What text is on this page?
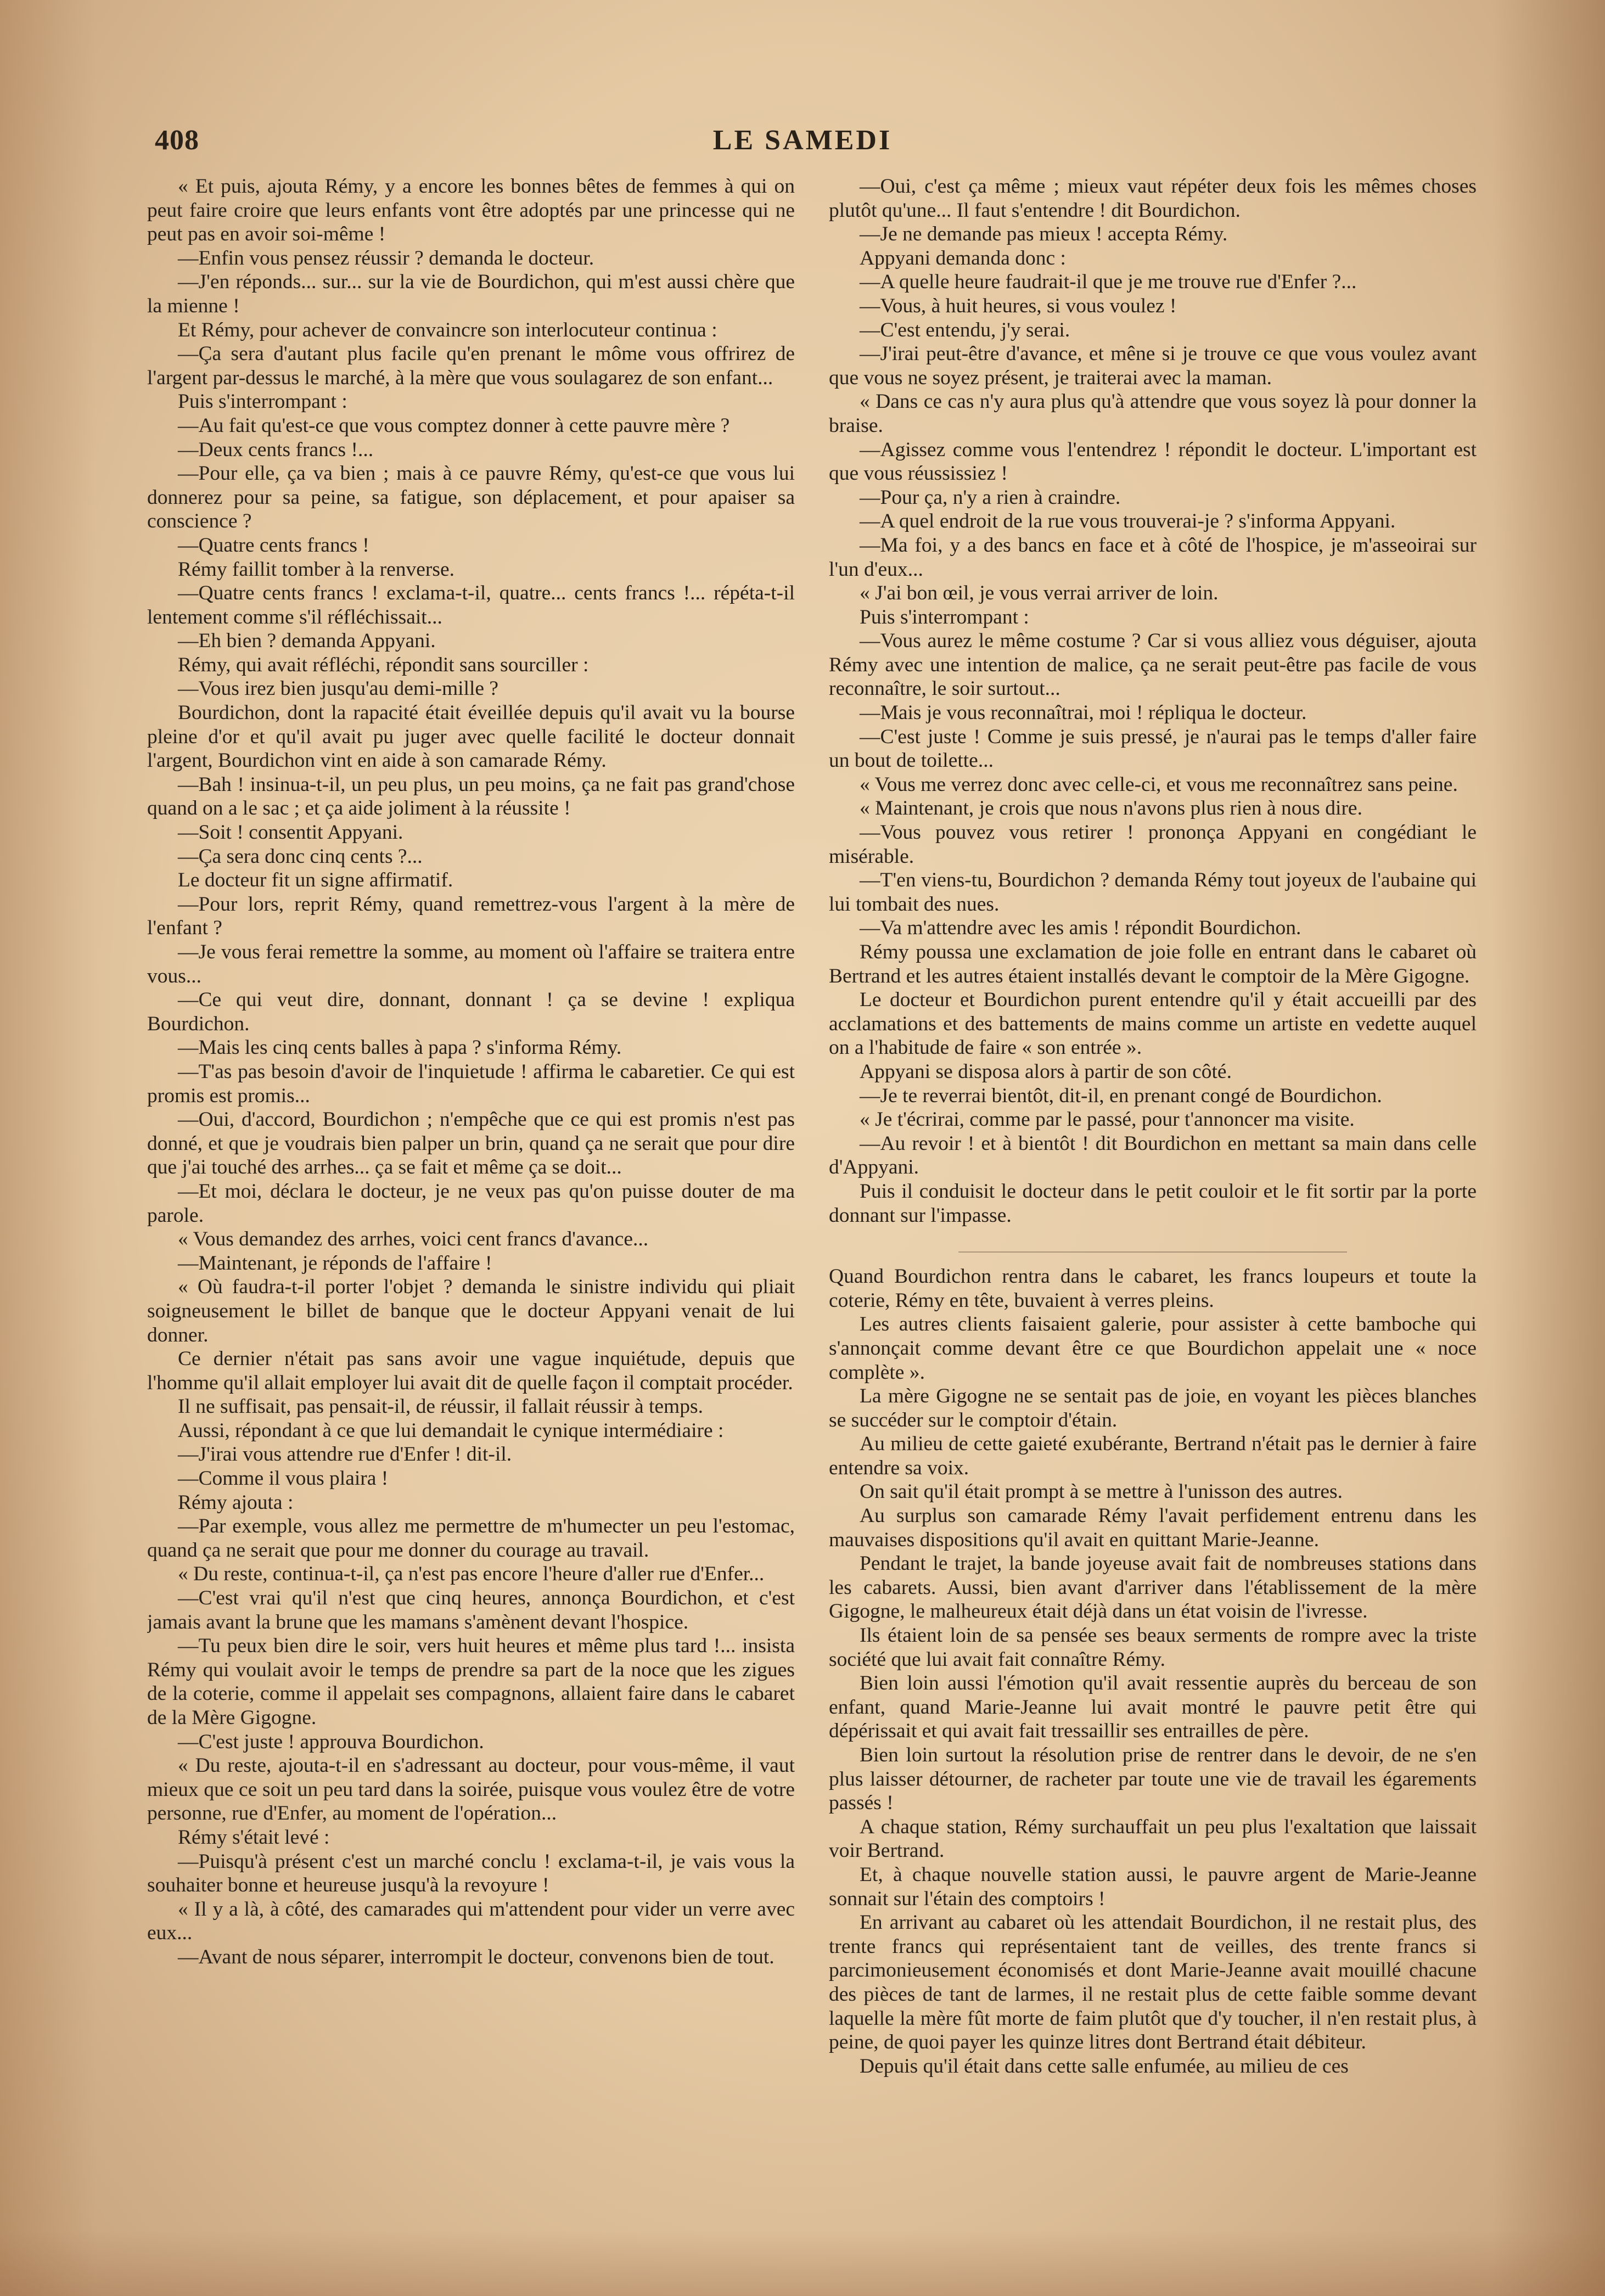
408	LE SAMEDI

« Et puis, ajouta Rémy, y a encore les bonnes bêtes de femmes à qui on peut faire croire que leurs enfants vont être adoptés par une princesse qui ne peut pas en avoir soi-même !

—Enfin vous pensez réussir ? demanda le docteur.

—J'en réponds... sur... sur la vie de Bourdichon, qui m'est aussi chère que la mienne !

Et Rémy, pour achever de convaincre son interlocuteur continua :

—Ça sera d'autant plus facile qu'en prenant le môme vous offrirez de l'argent par-dessus le marché, à la mère que vous soulagarez de son enfant...

Puis s'interrompant :

—Au fait qu'est-ce que vous comptez donner à cette pauvre mère ?

—Deux cents francs !...

—Pour elle, ça va bien ; mais à ce pauvre Rémy, qu'est-ce que vous lui donnerez pour sa peine, sa fatigue, son déplacement, et pour apaiser sa conscience ?

—Quatre cents francs !

Rémy faillit tomber à la renverse.

—Quatre cents francs ! exclama-t-il, quatre... cents francs !... répéta-t-il lentement comme s'il réfléchissait...

—Eh bien ? demanda Appyani.

Rémy, qui avait réfléchi, répondit sans sourciller :

—Vous irez bien jusqu'au demi-mille ?

Bourdichon, dont la rapacité était éveillée depuis qu'il avait vu la bourse pleine d'or et qu'il avait pu juger avec quelle facilité le docteur donnait l'argent, Bourdichon vint en aide à son camarade Rémy.

—Bah ! insinua-t-il, un peu plus, un peu moins, ça ne fait pas grand'chose quand on a le sac ; et ça aide joliment à la réussite !

—Soit ! consentit Appyani.

—Ça sera donc cinq cents ?...

Le docteur fit un signe affirmatif.

—Pour lors, reprit Rémy, quand remettrez-vous l'argent à la mère de l'enfant ?

—Je vous ferai remettre la somme, au moment où l'affaire se traitera entre vous...

—Ce qui veut dire, donnant, donnant ! ça se devine ! expliqua Bourdichon.

—Mais les cinq cents balles à papa ? s'informa Rémy.

—T'as pas besoin d'avoir de l'inquietude ! affirma le cabaretier. Ce qui est promis est promis...

—Oui, d'accord, Bourdichon ; n'empêche que ce qui est promis n'est pas donné, et que je voudrais bien palper un brin, quand ça ne serait que pour dire que j'ai touché des arrhes... ça se fait et même ça se doit...

—Et moi, déclara le docteur, je ne veux pas qu'on puisse douter de ma parole.

« Vous demandez des arrhes, voici cent francs d'avance...

—Maintenant, je réponds de l'affaire !

« Où faudra-t-il porter l'objet ? demanda le sinistre individu qui pliait soigneusement le billet de banque que le docteur Appyani venait de lui donner.

Ce dernier n'était pas sans avoir une vague inquiétude, depuis que l'homme qu'il allait employer lui avait dit de quelle façon il comptait procéder.

Il ne suffisait, pas pensait-il, de réussir, il fallait réussir à temps.

Aussi, répondant à ce que lui demandait le cynique intermédiaire :

—J'irai vous attendre rue d'Enfer ! dit-il.

—Comme il vous plaira !

Rémy ajouta :

—Par exemple, vous allez me permettre de m'humecter un peu l'estomac, quand ça ne serait que pour me donner du courage au travail.

« Du reste, continua-t-il, ça n'est pas encore l'heure d'aller rue d'Enfer...

—C'est vrai qu'il n'est que cinq heures, annonça Bourdichon, et c'est jamais avant la brune que les mamans s'amènent devant l'hospice.

—Tu peux bien dire le soir, vers huit heures et même plus tard !... insista Rémy qui voulait avoir le temps de prendre sa part de la noce que les zigues de la coterie, comme il appelait ses compagnons, allaient faire dans le cabaret de la Mère Gigogne.

—C'est juste ! approuva Bourdichon.

« Du reste, ajouta-t-il en s'adressant au docteur, pour vous-même, il vaut mieux que ce soit un peu tard dans la soirée, puisque vous voulez être de votre personne, rue d'Enfer, au moment de l'opération...

Rémy s'était levé :

—Puisqu'à présent c'est un marché conclu ! exclama-t-il, je vais vous la souhaiter bonne et heureuse jusqu'à la revoyure !

« Il y a là, à côté, des camarades qui m'attendent pour vider un verre avec eux...

—Avant de nous séparer, interrompit le docteur, convenons bien de tout.

—Oui, c'est ça même ; mieux vaut répéter deux fois les mêmes choses plutôt qu'une... Il faut s'entendre ! dit Bourdichon.

—Je ne demande pas mieux ! accepta Rémy.

Appyani demanda donc :

—A quelle heure faudrait-il que je me trouve rue d'Enfer ?...

—Vous, à huit heures, si vous voulez !

—C'est entendu, j'y serai.

—J'irai peut-être d'avance, et mêne si je trouve ce que vous voulez avant que vous ne soyez présent, je traiterai avec la maman.

« Dans ce cas n'y aura plus qu'à attendre que vous soyez là pour donner la braise.

—Agissez comme vous l'entendrez ! répondit le docteur. L'important est que vous réussissiez !

—Pour ça, n'y a rien à craindre.

—A quel endroit de la rue vous trouverai-je ? s'informa Appyani.

—Ma foi, y a des bancs en face et à côté de l'hospice, je m'asseoirai sur l'un d'eux...

« J'ai bon œil, je vous verrai arriver de loin.

Puis s'interrompant :

—Vous aurez le même costume ? Car si vous alliez vous déguiser, ajouta Rémy avec une intention de malice, ça ne serait peut-être pas facile de vous reconnaître, le soir surtout...

—Mais je vous reconnaîtrai, moi ! répliqua le docteur.

—C'est juste ! Comme je suis pressé, je n'aurai pas le temps d'aller faire un bout de toilette...

« Vous me verrez donc avec celle-ci, et vous me reconnaîtrez sans peine.

« Maintenant, je crois que nous n'avons plus rien à nous dire.

—Vous pouvez vous retirer ! prononça Appyani en congédiant le misérable.

—T'en viens-tu, Bourdichon ? demanda Rémy tout joyeux de l'aubaine qui lui tombait des nues.

—Va m'attendre avec les amis ! répondit Bourdichon.

Rémy poussa une exclamation de joie folle en entrant dans le cabaret où Bertrand et les autres étaient installés devant le comptoir de la Mère Gigogne.

Le docteur et Bourdichon purent entendre qu'il y était accueilli par des acclamations et des battements de mains comme un artiste en vedette auquel on a l'habitude de faire « son entrée ».

Appyani se disposa alors à partir de son côté.

—Je te reverrai bientôt, dit-il, en prenant congé de Bourdichon.

« Je t'écrirai, comme par le passé, pour t'annoncer ma visite.

—Au revoir ! et à bientôt ! dit Bourdichon en mettant sa main dans celle d'Appyani.

Puis il conduisit le docteur dans le petit couloir et le fit sortir par la porte donnant sur l'impasse.

Quand Bourdichon rentra dans le cabaret, les francs loupeurs et toute la coterie, Rémy en tête, buvaient à verres pleins.

Les autres clients faisaient galerie, pour assister à cette bamboche qui s'annonçait comme devant être ce que Bourdichon appelait une « noce complète ».

La mère Gigogne ne se sentait pas de joie, en voyant les pièces blanches se succéder sur le comptoir d'étain.

Au milieu de cette gaieté exubérante, Bertrand n'était pas le dernier à faire entendre sa voix.

On sait qu'il était prompt à se mettre à l'unisson des autres.

Au surplus son camarade Rémy l'avait perfidement entrenu dans les mauvaises dispositions qu'il avait en quittant Marie-Jeanne.

Pendant le trajet, la bande joyeuse avait fait de nombreuses stations dans les cabarets. Aussi, bien avant d'arriver dans l'établissement de la mère Gigogne, le malheureux était déjà dans un état voisin de l'ivresse.

Ils étaient loin de sa pensée ses beaux serments de rompre avec la triste société que lui avait fait connaître Rémy.

Bien loin aussi l'émotion qu'il avait ressentie auprès du berceau de son enfant, quand Marie-Jeanne lui avait montré le pauvre petit être qui dépérissait et qui avait fait tressaillir ses entrailles de père.

Bien loin surtout la résolution prise de rentrer dans le devoir, de ne s'en plus laisser détourner, de racheter par toute une vie de travail les égarements passés !

A chaque station, Rémy surchauffait un peu plus l'exaltation que laissait voir Bertrand.

Et, à chaque nouvelle station aussi, le pauvre argent de Marie-Jeanne sonnait sur l'étain des comptoirs !

En arrivant au cabaret où les attendait Bourdichon, il ne restait plus, des trente francs qui représentaient tant de veilles, des trente francs si parcimonieusement économisés et dont Marie-Jeanne avait mouillé chacune des pièces de tant de larmes, il ne restait plus de cette faible somme devant laquelle la mère fût morte de faim plutôt que d'y toucher, il n'en restait plus, à peine, de quoi payer les quinze litres dont Bertrand était débiteur.

Depuis qu'il était dans cette salle enfumée, au milieu de ces
